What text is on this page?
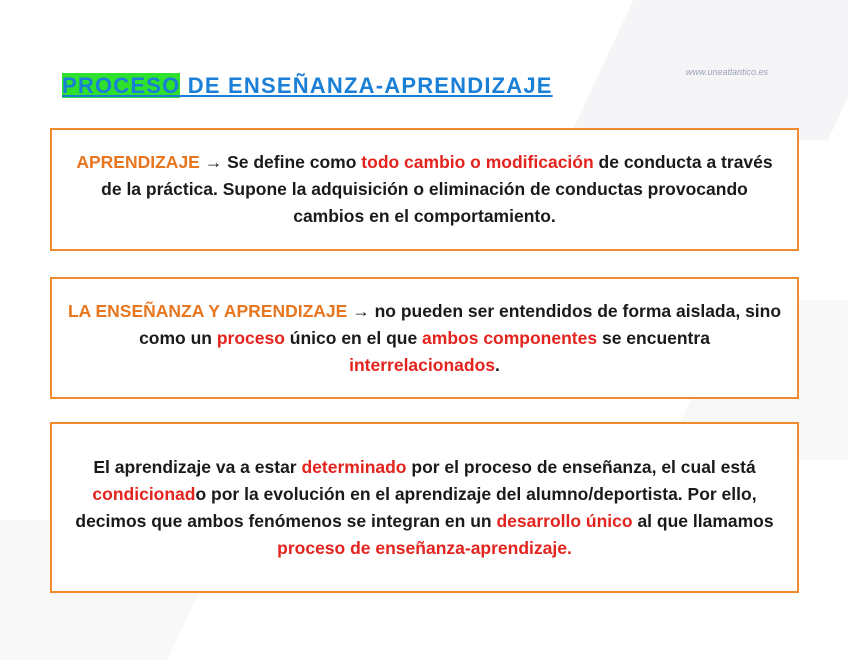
www.uneatlantico.es
PROCESO DE ENSEÑANZA-APRENDIZAJE
APRENDIZAJE → Se define como todo cambio o modificación de conducta a través de la práctica. Supone la adquisición o eliminación de conductas provocando cambios en el comportamiento.
LA ENSEÑANZA Y APRENDIZAJE → no pueden ser entendidos de forma aislada, sino como un proceso único en el que ambos componentes se encuentra interrelacionados.
El aprendizaje va a estar determinado por el proceso de enseñanza, el cual está condicionado por la evolución en el aprendizaje del alumno/deportista. Por ello, decimos que ambos fenómenos se integran en un desarrollo único al que llamamos proceso de enseñanza-aprendizaje.
